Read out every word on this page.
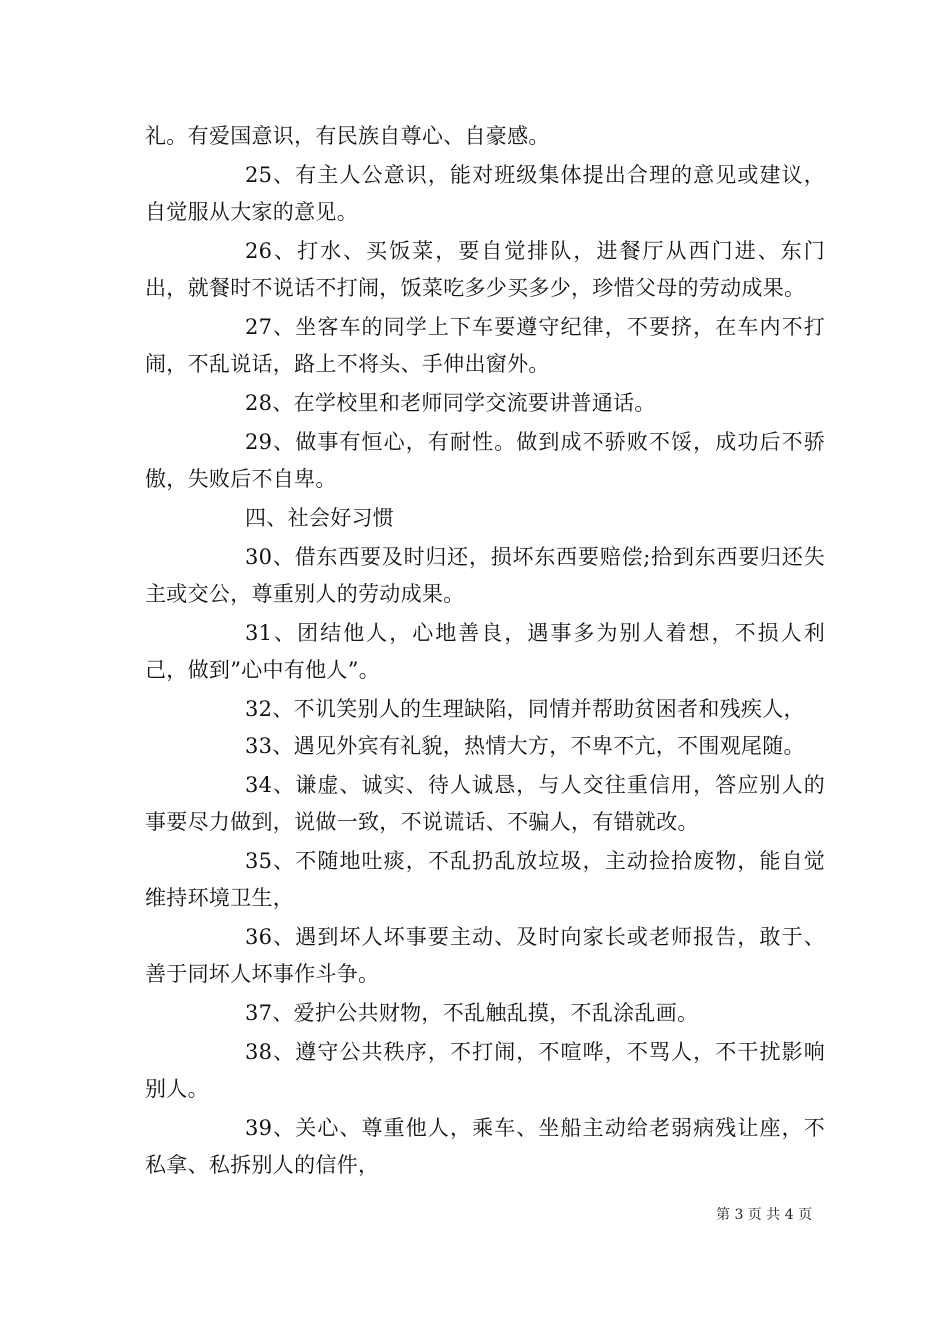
礼。有爱国意识，有民族自尊心、自豪感。

25、有主人公意识，能对班级集体提出合理的意见或建议，自觉服从大家的意见。

26、打水、买饭菜，要自觉排队，进餐厅从西门进、东门出，就餐时不说话不打闹，饭菜吃多少买多少，珍惜父母的劳动成果。

27、坐客车的同学上下车要遵守纪律，不要挤，在车内不打闹，不乱说话，路上不将头、手伸出窗外。

28、在学校里和老师同学交流要讲普通话。

29、做事有恒心，有耐性。做到成不骄败不馁，成功后不骄傲，失败后不自卑。

四、社会好习惯

30、借东西要及时归还，损坏东西要赔偿;拾到东西要归还失主或交公，尊重别人的劳动成果。

31、团结他人，心地善良，遇事多为别人着想，不损人利己，做到”心中有他人”。

32、不讥笑别人的生理缺陷，同情并帮助贫困者和残疾人，

33、遇见外宾有礼貌，热情大方，不卑不亢，不围观尾随。

34、谦虚、诚实、待人诚恳，与人交往重信用，答应别人的事要尽力做到，说做一致，不说谎话、不骗人，有错就改。

35、不随地吐痰，不乱扔乱放垃圾，主动捡拾废物，能自觉维持环境卫生，

36、遇到坏人坏事要主动、及时向家长或老师报告，敢于、善于同坏人坏事作斗争。

37、爱护公共财物，不乱触乱摸，不乱涂乱画。

38、遵守公共秩序，不打闹，不喧哗，不骂人，不干扰影响别人。

39、关心、尊重他人，乘车、坐船主动给老弱病残让座，不私拿、私拆别人的信件，

第 3 页 共 4 页
